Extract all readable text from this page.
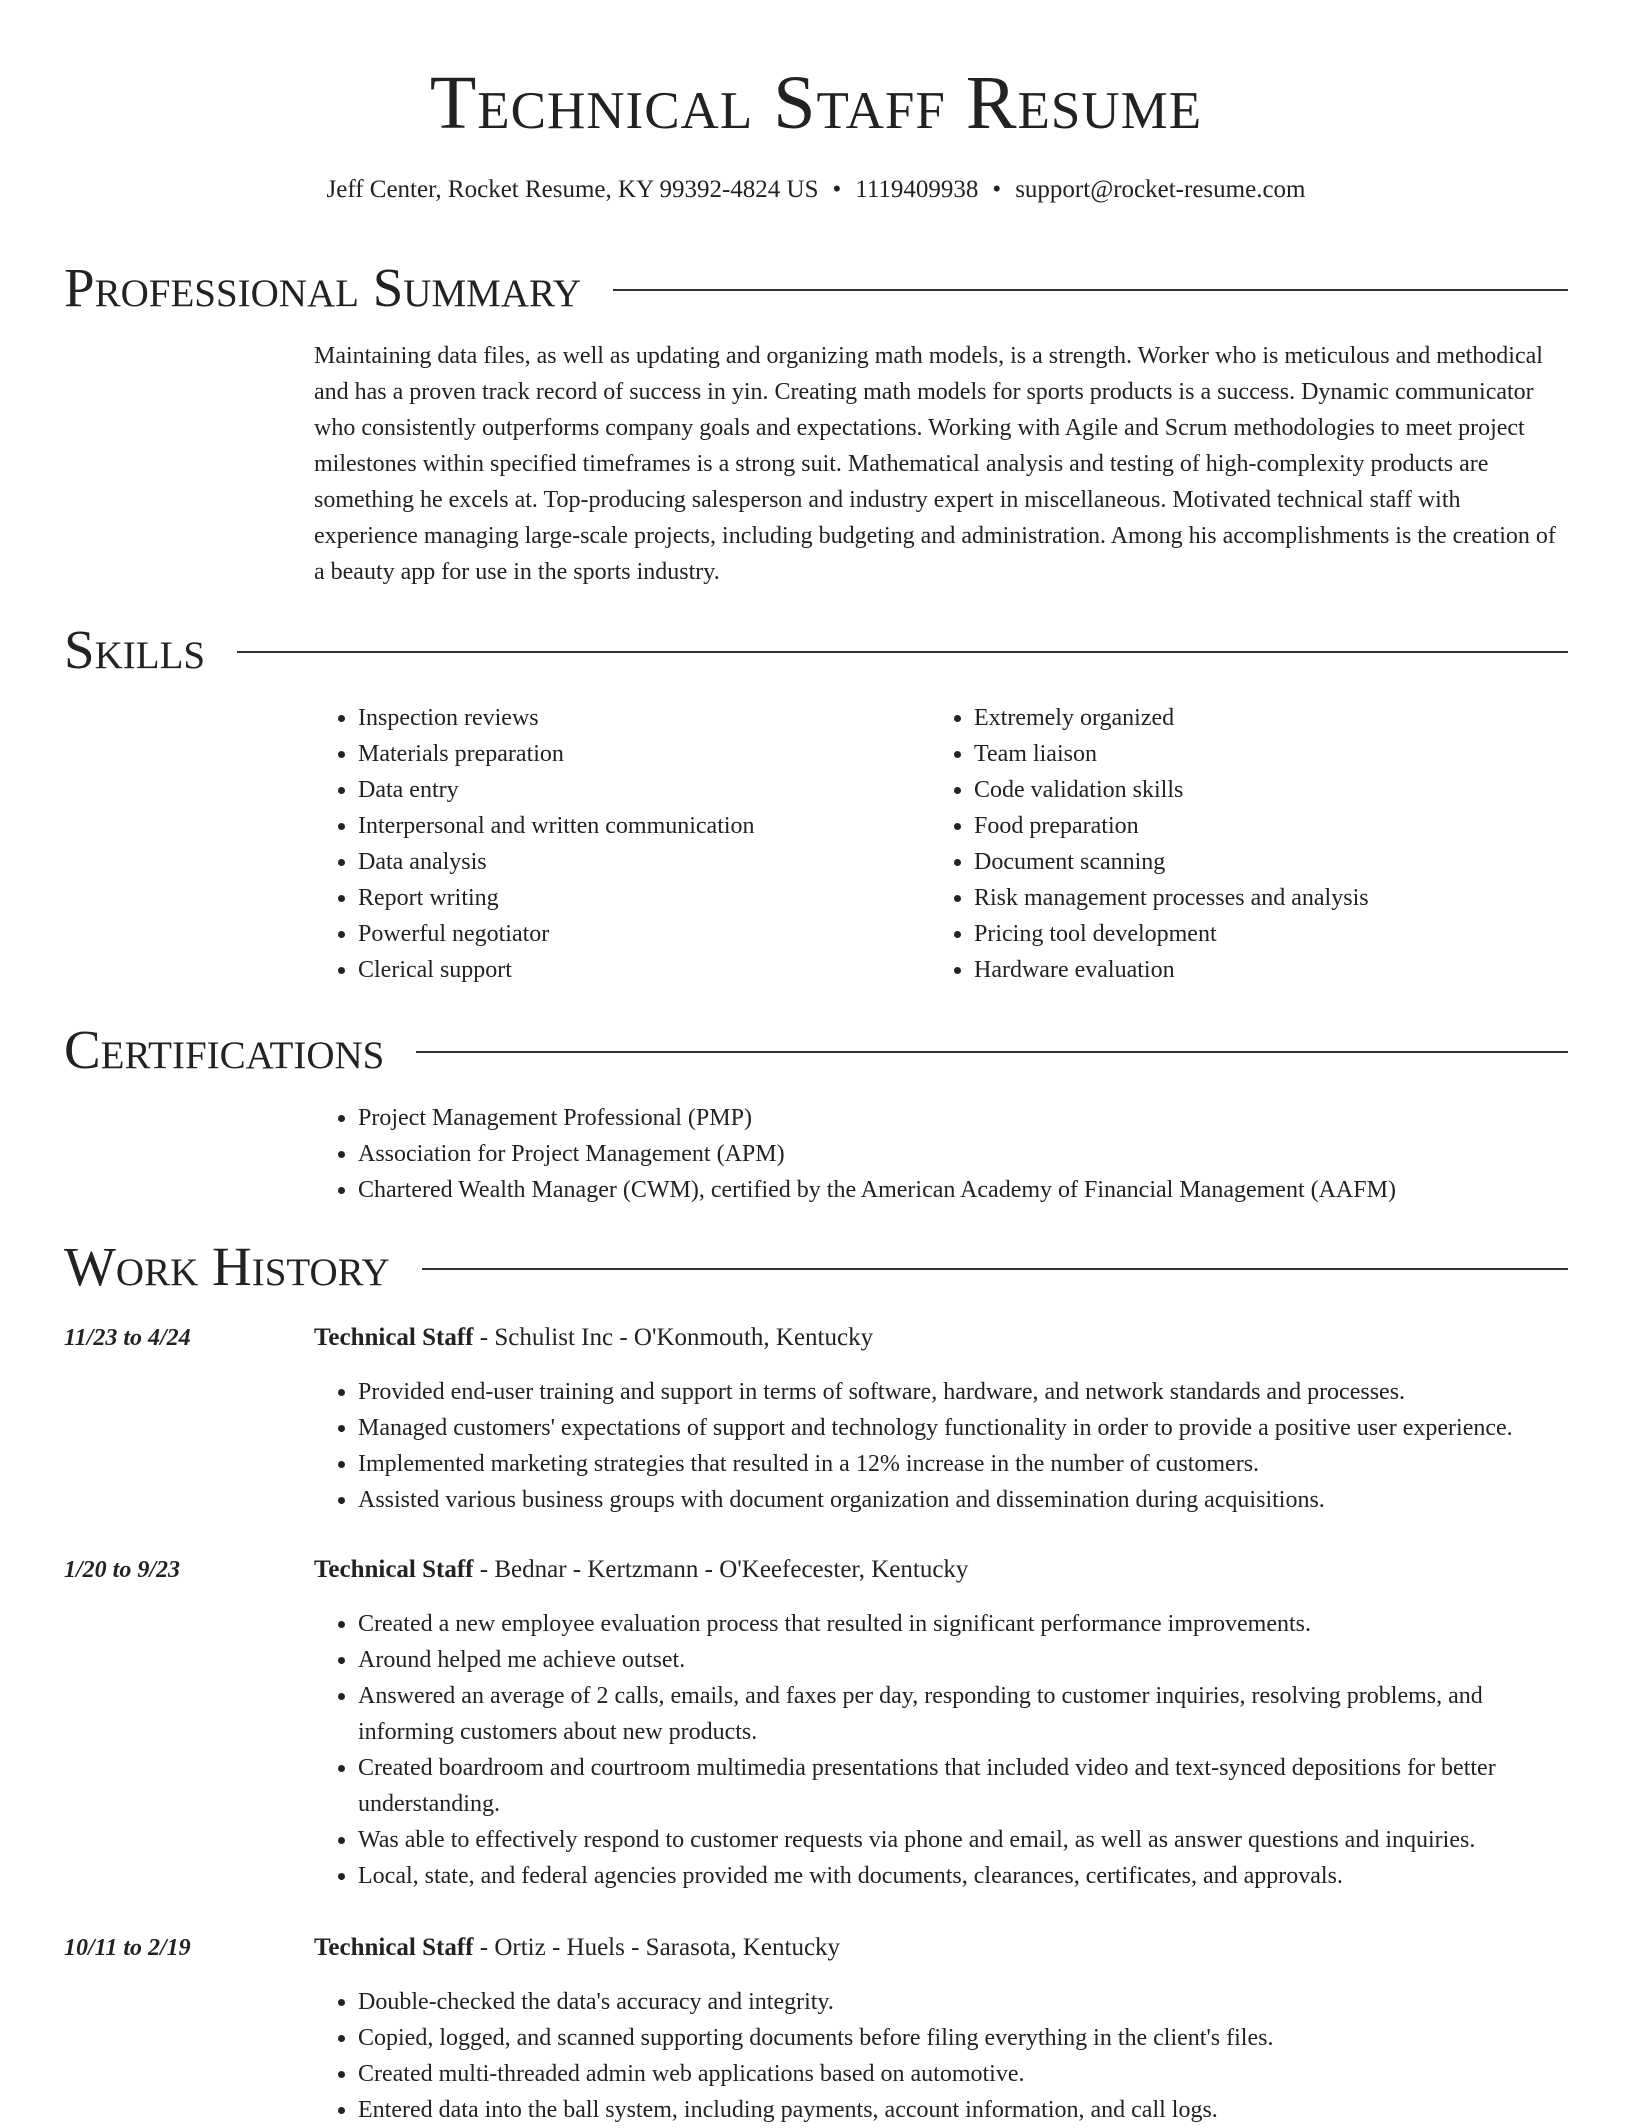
Technical Staff Resume
Jeff Center, Rocket Resume, KY 99392-4824 US • 1119409938 • support@rocket-resume.com
Professional Summary

Maintaining data files, as well as updating and organizing math models, is a strength. Worker who is meticulous and methodical and has a proven track record of success in yin. Creating math models for sports products is a success. Dynamic communicator who consistently outperforms company goals and expectations. Working with Agile and Scrum methodologies to meet project milestones within specified timeframes is a strong suit. Mathematical analysis and testing of high-complexity products are something he excels at. Top-producing salesperson and industry expert in miscellaneous. Motivated technical staff with experience managing large-scale projects, including budgeting and administration. Among his accomplishments is the creation of a beauty app for use in the sports industry.

Skills
• Inspection reviews
• Materials preparation
• Data entry
• Interpersonal and written communication
• Data analysis
• Report writing
• Powerful negotiator
• Clerical support
• Extremely organized
• Team liaison
• Code validation skills
• Food preparation
• Document scanning
• Risk management processes and analysis
• Pricing tool development
• Hardware evaluation
Certifications
• Project Management Professional (PMP)
• Association for Project Management (APM)
• Chartered Wealth Manager (CWM), certified by the American Academy of Financial Management (AAFM)
Work History
11/23 to 4/24	Technical Staff - Schulist Inc - O'Konmouth, Kentucky
• Provided end-user training and support in terms of software, hardware, and network standards and processes.
• Managed customers' expectations of support and technology functionality in order to provide a positive user experience.
• Implemented marketing strategies that resulted in a 12% increase in the number of customers.
• Assisted various business groups with document organization and dissemination during acquisitions.
1/20 to 9/23	Technical Staff - Bednar - Kertzmann - O'Keefecester, Kentucky
• Created a new employee evaluation process that resulted in significant performance improvements.
• Around helped me achieve outset.
• Answered an average of 2 calls, emails, and faxes per day, responding to customer inquiries, resolving problems, and informing customers about new products.
• Created boardroom and courtroom multimedia presentations that included video and text-synced depositions for better understanding.
• Was able to effectively respond to customer requests via phone and email, as well as answer questions and inquiries.
• Local, state, and federal agencies provided me with documents, clearances, certificates, and approvals.
10/11 to 2/19	Technical Staff - Ortiz - Huels - Sarasota, Kentucky
• Double-checked the data's accuracy and integrity.
• Copied, logged, and scanned supporting documents before filing everything in the client's files.
• Created multi-threaded admin web applications based on automotive.
• Entered data into the ball system, including payments, account information, and call logs.
